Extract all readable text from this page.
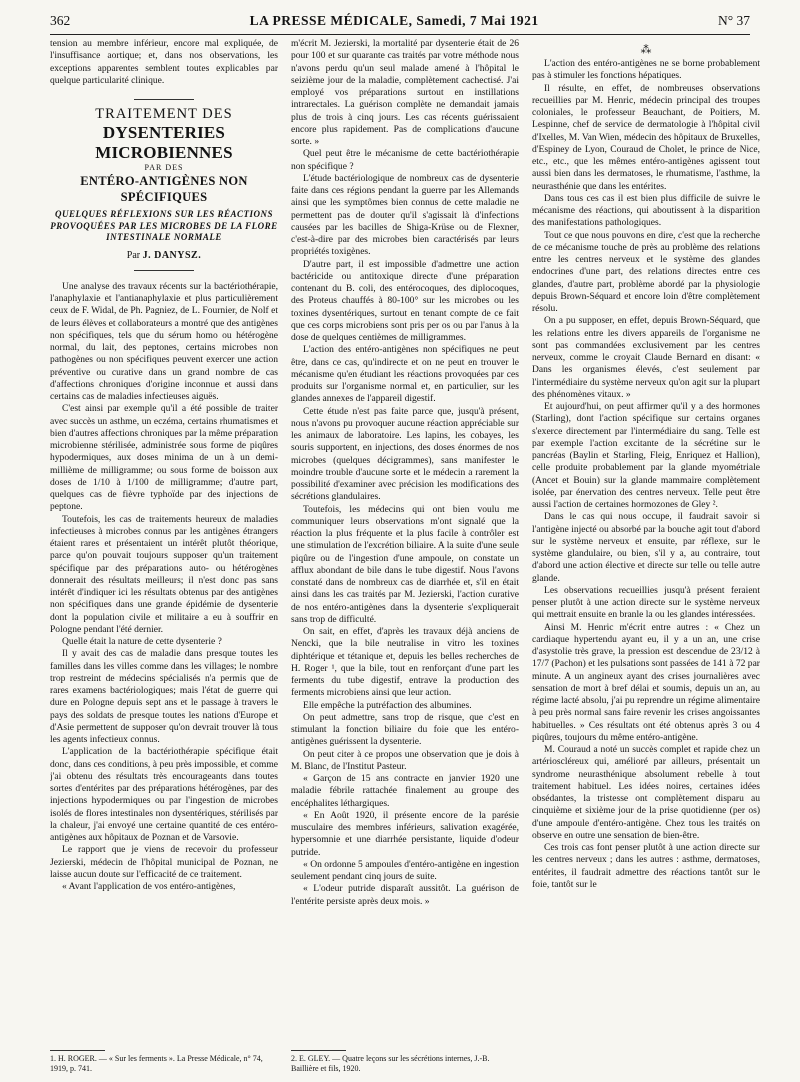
362	LA PRESSE MÉDICALE, Samedi, 7 Mai 1921	N° 37

tension au membre inférieur, encore mal expliquée, de l'insuffisance aortique; et, dans nos observations, les exceptions apparentes semblent toutes explicables par quelque particularité clinique.

TRAITEMENT DES
DYSENTERIES MICROBIENNES
PAR DES
ENTÉRO-ANTIGÈNES NON SPÉCIFIQUES
QUELQUES RÉFLEXIONS SUR LES RÉACTIONS PROVOQUÉES PAR LES MICROBES DE LA FLORE INTESTINALE NORMALE
Par J. DANYSZ.

Une analyse des travaux récents sur la bactériothérapie, l'anaphylaxie et l'antianaphylaxie et plus particulièrement ceux de F. Widal, de Ph. Pagniez, de L. Fournier, de Nolf et de leurs élèves et collaborateurs a montré que des antigènes non spécifiques, tels que du sérum homo ou hétérogène normal, du lait, des peptones, certains microbes non pathogènes ou non spécifiques peuvent exercer une action préventive ou curative dans un grand nombre de cas d'affections chroniques d'origine inconnue et aussi dans certains cas de maladies infectieuses aiguës.

C'est ainsi par exemple qu'il a été possible de traiter avec succès un asthme, un eczéma, certains rhumatismes et bien d'autres affections chroniques par la même préparation microbienne stérilisée, administrée sous forme de piqûres hypodermiques, aux doses minima de un à un demi-millième de milligramme; ou sous forme de boisson aux doses de 1/10 à 1/100 de milligramme; d'autre part, quelques cas de fièvre typhoïde par des injections de peptone.

Toutefois, les cas de traitements heureux de maladies infectieuses à microbes connus par les antigènes étrangers étaient rares et présentaient un intérêt plutôt théorique, parce qu'on pouvait toujours supposer qu'un traitement spécifique par des préparations auto- ou hétérogènes donnerait des résultats meilleurs; il n'est donc pas sans intérêt d'indiquer ici les résultats obtenus par des antigènes non spécifiques dans une grande épidémie de dysenterie dont la population civile et militaire a eu à souffrir en Pologne pendant l'été dernier.

Quelle était la nature de cette dysenterie ?

Il y avait des cas de maladie dans presque toutes les familles dans les villes comme dans les villages; le nombre trop restreint de médecins spécialisés n'a permis que de rares examens bactériologiques; mais l'état de guerre qui dure en Pologne depuis sept ans et le passage à travers le pays des soldats de presque toutes les nations d'Europe et d'Asie permettent de supposer qu'on devrait trouver là tous les agents infectieux connus.

L'application de la bactériothérapie spécifique était donc, dans ces conditions, à peu près impossible, et comme j'ai obtenu des résultats très encourageants dans toutes sortes d'entérites par des préparations hétérogènes, par des injections hypodermiques ou par l'ingestion de microbes isolés de flores intestinales non dysentériques, stérilisés par la chaleur, j'ai envoyé une certaine quantité de ces entéro-antigènes aux hôpitaux de Poznan et de Varsovie.

Le rapport que je viens de recevoir du professeur Jezierski, médecin de l'hôpital municipal de Poznan, ne laisse aucun doute sur l'efficacité de ce traitement.

« Avant l'application de vos entéro-antigènes,

m'écrit M. Jezierski, la mortalité par dysenterie était de 26 pour 100 et sur quarante cas traités par votre méthode nous n'avons perdu qu'un seul malade amené à l'hôpital le seizième jour de la maladie, complètement cachectisé. J'ai employé vos préparations surtout en instillations intrarectales. La guérison complète ne demandait jamais plus de trois à cinq jours. Les cas récents guérissaient encore plus rapidement. Pas de complications d'aucune sorte. »

Quel peut être le mécanisme de cette bactériothérapie non spécifique ?

L'étude bactériologique de nombreux cas de dysenterie faite dans ces régions pendant la guerre par les Allemands ainsi que les symptômes bien connus de cette maladie ne permettent pas de douter qu'il s'agissait là d'infections causées par les bacilles de Shiga-Krüse ou de Flexner, c'est-à-dire par des microbes bien caractérisés par leurs propriétés toxigènes.

D'autre part, il est impossible d'admettre une action bactéricide ou antitoxique directe d'une préparation contenant du B. coli, des entérocoques, des diplocoques, des Proteus chauffés à 80-100° sur les microbes ou les toxines dysentériques, surtout en tenant compte de ce fait que ces corps microbiens sont pris per os ou par l'anus à la dose de quelques centièmes de milligrammes.

L'action des entéro-antigènes non spécifiques ne peut être, dans ce cas, qu'indirecte et on ne peut en trouver le mécanisme qu'en étudiant les réactions provoquées par ces produits sur l'organisme normal et, en particulier, sur les glandes annexes de l'appareil digestif.

Cette étude n'est pas faite parce que, jusqu'à présent, nous n'avons pu provoquer aucune réaction appréciable sur les animaux de laboratoire. Les lapins, les cobayes, les souris supportent, en injections, des doses énormes de nos microbes (quelques décigrammes), sans manifester le moindre trouble d'aucune sorte et le médecin a rarement la possibilité d'examiner avec précision les modifications des sécrétions glandulaires.

Toutefois, les médecins qui ont bien voulu me communiquer leurs observations m'ont signalé que la réaction la plus fréquente et la plus facile à contrôler est une stimulation de l'excrétion biliaire. A la suite d'une seule piqûre ou de l'ingestion d'une ampoule, on constate un afflux abondant de bile dans le tube digestif. Nous l'avons constaté dans de nombreux cas de diarrhée et, s'il en était ainsi dans les cas traités par M. Jezierski, l'action curative de nos entéro-antigènes dans la dysenterie s'expliquerait sans trop de difficulté.

On sait, en effet, d'après les travaux déjà anciens de Nencki, que la bile neutralise in vitro les toxines diphtérique et tétanique et, depuis les belles recherches de H. Roger ¹, que la bile, tout en renforçant d'une part les ferments du tube digestif, entrave la production des ferments microbiens ainsi que leur action.

Elle empêche la putréfaction des albumines.

On peut admettre, sans trop de risque, que c'est en stimulant la fonction biliaire du foie que les entéro-antigènes guérissent la dysenterie.

On peut citer à ce propos une observation que je dois à M. Blanc, de l'Institut Pasteur.

« Garçon de 15 ans contracte en janvier 1920 une maladie fébrile rattachée finalement au groupe des encéphalites léthargiques.

« En Août 1920, il présente encore de la parésie musculaire des membres inférieurs, salivation exagérée, hypersomnie et une diarrhée persistante, liquide d'odeur putride.

« On ordonne 5 ampoules d'entéro-antigène en ingestion seulement pendant cinq jours de suite.

« L'odeur putride disparaît aussitôt. La guérison de l'entérite persiste après deux mois. »

⁂

L'action des entéro-antigènes ne se borne probablement pas à stimuler les fonctions hépatiques.

Il résulte, en effet, de nombreuses observations recueillies par M. Henric, médecin principal des troupes coloniales, le professeur Beauchant, de Poitiers, M. Lespinne, chef de service de dermatologie à l'hôpital civil d'Ixelles, M. Van Wien, médecin des hôpitaux de Bruxelles, d'Espiney de Lyon, Couraud de Cholet, le prince de Nice, etc., etc., que les mêmes entéro-antigènes agissent tout aussi bien dans les dermatoses, le rhumatisme, l'asthme, la neurasthénie que dans les entérites.

Dans tous ces cas il est bien plus difficile de suivre le mécanisme des réactions, qui aboutissent à la disparition des manifestations pathologiques.

Tout ce que nous pouvons en dire, c'est que la recherche de ce mécanisme touche de près au problème des relations entre les centres nerveux et le système des glandes endocrines d'une part, des relations directes entre ces glandes, d'autre part, problème abordé par la physiologie depuis Brown-Séquard et encore loin d'être complètement résolu.

On a pu supposer, en effet, depuis Brown-Séquard, que les relations entre les divers appareils de l'organisme ne sont pas commandées exclusivement par les centres nerveux, comme le croyait Claude Bernard en disant: « Dans les organismes élevés, c'est seulement par l'intermédiaire du système nerveux qu'on agit sur la plupart des phénomènes vitaux. »

Et aujourd'hui, on peut affirmer qu'il y a des hormones (Starling), dont l'action spécifique sur certains organes s'exerce directement par l'intermédiaire du sang. Telle est par exemple l'action excitante de la sécrétine sur le pancréas (Baylin et Starling, Fleig, Enriquez et Hallion), celle produite probablement par la glande myométriale (Ancet et Bouin) sur la glande mammaire complètement isolée, par énervation des centres nerveux. Telle peut être aussi l'action de certaines hormozones de Gley ².

Dans le cas qui nous occupe, il faudrait savoir si l'antigène injecté ou absorbé par la bouche agit tout d'abord sur le système nerveux et ensuite, par réflexe, sur le système glandulaire, ou bien, s'il y a, au contraire, tout d'abord une action élective et directe sur telle ou telle autre glande.

Les observations recueillies jusqu'à présent feraient penser plutôt à une action directe sur le système nerveux qui mettrait ensuite en branle la ou les glandes intéressées.

Ainsi M. Henric m'écrit entre autres : « Chez un cardiaque hypertendu ayant eu, il y a un an, une crise d'asystolie très grave, la pression est descendue de 23/12 à 17/7 (Pachon) et les pulsations sont passées de 141 à 72 par minute. A un angineux ayant des crises journalières avec sensation de mort à bref délai et soumis, depuis un an, au régime lacté absolu, j'ai pu reprendre un régime alimentaire à peu près normal sans faire revenir les crises angoissantes habituelles. » Ces résultats ont été obtenus après 3 ou 4 piqûres, toujours du même entéro-antigène.

M. Couraud a noté un succès complet et rapide chez un artérioscléreux qui, amélioré par ailleurs, présentait un syndrome neurasthénique absolument rebelle à tout traitement habituel. Les idées noires, certaines idées obsédantes, la tristesse ont complètement disparu au cinquième et sixième jour de la prise quotidienne (per os) d'une ampoule d'entéro-antigène. Chez tous les traités on observe en outre une sensation de bien-être.

Ces trois cas font penser plutôt à une action directe sur les centres nerveux ; dans les autres : asthme, dermatoses, entérites, il faudrait admettre des réactions tantôt sur le foie, tantôt sur le

1. H. ROGER. — « Sur les ferments ». La Presse Médicale, n° 74, 1919, p. 741.
2. E. GLEY. — Quatre leçons sur les sécrétions internes, J.-B. Baillière et fils, 1920.
